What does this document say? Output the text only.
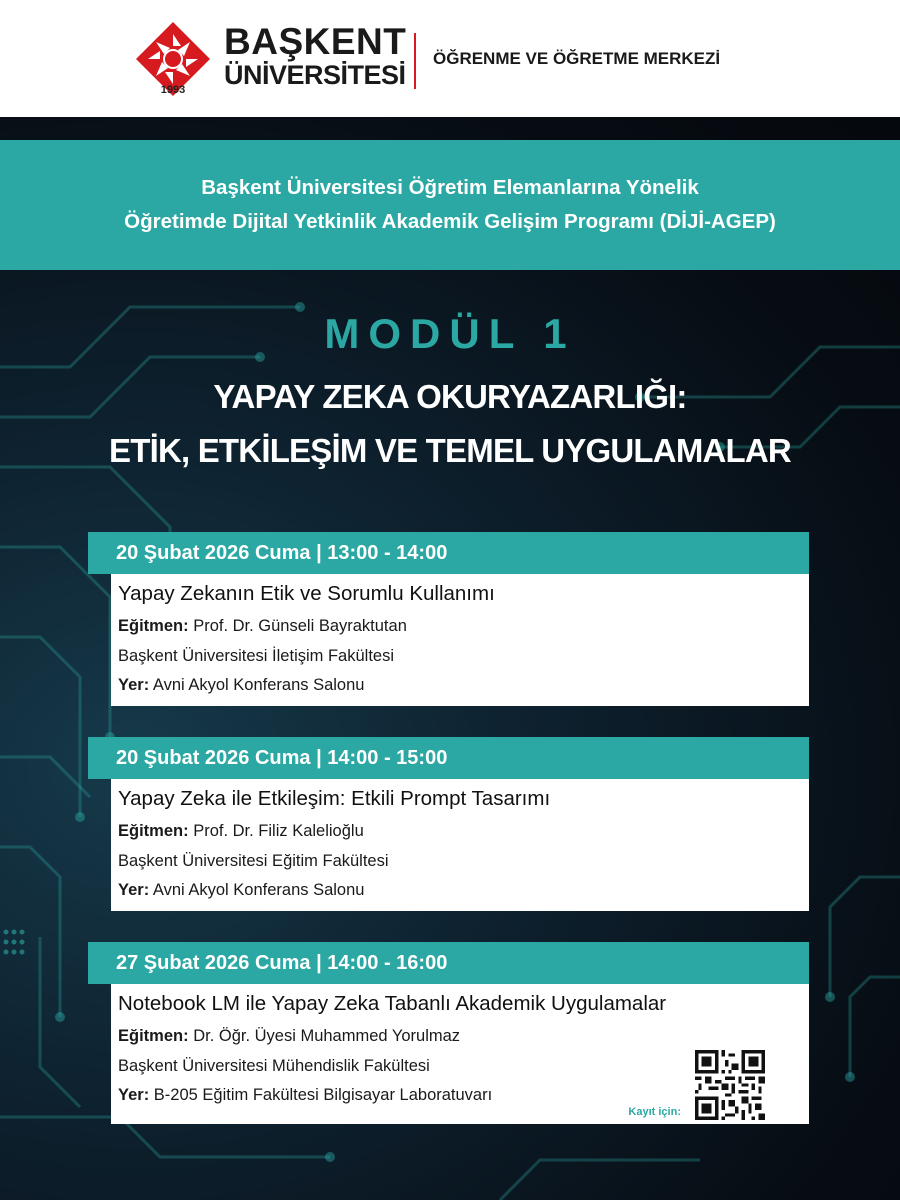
1993
BAŞKENT
ÜNİVERSİTESİ
ÖĞRENME VE ÖĞRETME MERKEZİ
Başkent Üniversitesi Öğretim Elemanlarına Yönelik
Öğretimde Dijital Yetkinlik Akademik Gelişim Programı (DİJİ-AGEP)
MODÜL 1
YAPAY ZEKA OKURYAZARLIĞI:
ETİK, ETKİLEŞİM VE TEMEL UYGULAMALAR
20 Şubat 2026 Cuma | 13:00 - 14:00
Yapay Zekanın Etik ve Sorumlu Kullanımı
Eğitmen: Prof. Dr. Günseli Bayraktutan
Başkent Üniversitesi İletişim Fakültesi
Yer: Avni Akyol Konferans Salonu
20 Şubat 2026 Cuma | 14:00 - 15:00
Yapay Zeka ile Etkileşim: Etkili Prompt Tasarımı
Eğitmen: Prof. Dr. Filiz Kalelioğlu
Başkent Üniversitesi Eğitim Fakültesi
Yer: Avni Akyol Konferans Salonu
27 Şubat 2026 Cuma | 14:00 - 16:00
Notebook LM ile Yapay Zeka Tabanlı Akademik Uygulamalar
Eğitmen: Dr. Öğr. Üyesi Muhammed Yorulmaz
Başkent Üniversitesi Mühendislik Fakültesi
Yer: B-205 Eğitim Fakültesi Bilgisayar Laboratuvarı
Kayıt için:
